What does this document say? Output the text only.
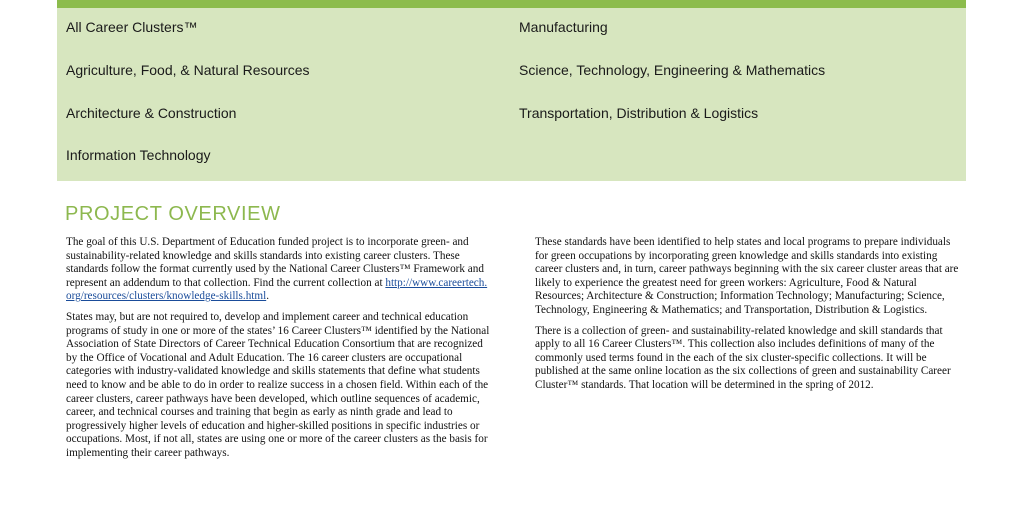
All Career Clusters™
Agriculture, Food, & Natural Resources
Architecture & Construction
Information Technology
Manufacturing
Science, Technology, Engineering & Mathematics
Transportation, Distribution & Logistics
PROJECT OVERVIEW

The goal of this U.S. Department of Education funded project is to incorporate green- and sustainability-related knowledge and skills standards into existing career clusters. These standards follow the format currently used by the National Career Clusters™ Framework and represent an addendum to that collection. Find the current collection at http://www.careertech.org/resources/clusters/knowledge-skills.html.

States may, but are not required to, develop and implement career and technical education programs of study in one or more of the states’ 16 Career Clusters™ identified by the National Association of State Directors of Career Technical Education Consortium that are recognized by the Office of Vocational and Adult Education. The 16 career clusters are occupational categories with industry-validated knowledge and skills statements that define what students need to know and be able to do in order to realize success in a chosen field. Within each of the career clusters, career pathways have been developed, which outline sequences of academic, career, and technical courses and training that begin as early as ninth grade and lead to progressively higher levels of education and higher-skilled positions in specific industries or occupations. Most, if not all, states are using one or more of the career clusters as the basis for implementing their career pathways.

These standards have been identified to help states and local programs to prepare individuals for green occupations by incorporating green knowledge and skills standards into existing career clusters and, in turn, career pathways beginning with the six career cluster areas that are likely to experience the greatest need for green workers: Agriculture, Food & Natural Resources; Architecture & Construction; Information Technology; Manufacturing; Science, Technology, Engineering & Mathematics; and Transportation, Distribution & Logistics.

There is a collection of green- and sustainability-related knowledge and skill standards that apply to all 16 Career Clusters™. This collection also includes definitions of many of the commonly used terms found in the each of the six cluster-specific collections. It will be published at the same online location as the six collections of green and sustainability Career Cluster™ standards. That location will be determined in the spring of 2012.
